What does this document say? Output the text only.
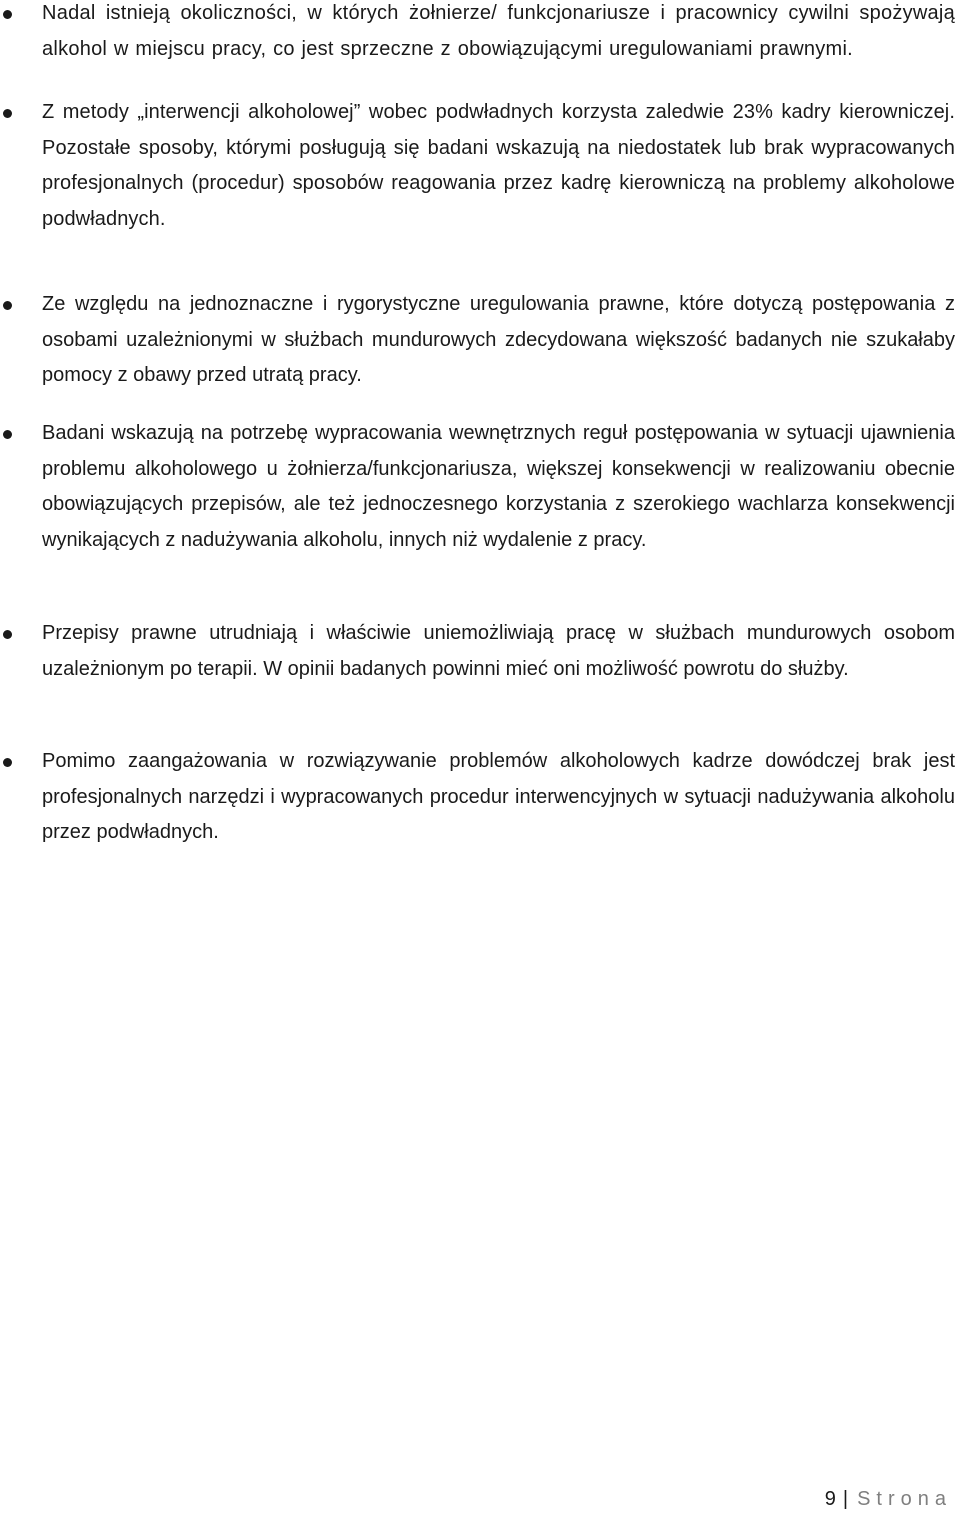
Nadal istnieją okoliczności, w których żołnierze/ funkcjonariusze i pracownicy cywilni spożywają alkohol w miejscu pracy, co jest sprzeczne z obowiązującymi uregulowaniami prawnymi.
Z metody „interwencji alkoholowej” wobec podwładnych korzysta zaledwie 23% kadry kierowniczej. Pozostałe sposoby, którymi posługują się badani wskazują na niedostatek lub brak wypracowanych profesjonalnych (procedur) sposobów reagowania przez kadrę kierowniczą na problemy alkoholowe podwładnych.
Ze względu na jednoznaczne i rygorystyczne uregulowania prawne, które dotyczą postępowania z osobami uzależnionymi w służbach mundurowych zdecydowana większość badanych nie szukałaby pomocy z obawy przed utratą pracy.
Badani wskazują na potrzebę wypracowania wewnętrznych reguł postępowania w sytuacji ujawnienia problemu alkoholowego u żołnierza/funkcjonariusza, większej konsekwencji w realizowaniu obecnie obowiązujących przepisów, ale też jednoczesnego korzystania z szerokiego wachlarza konsekwencji wynikających z nadużywania alkoholu, innych niż wydalenie z pracy.
Przepisy prawne utrudniają i właściwie uniemożliwiają pracę w służbach mundurowych osobom uzależnionym po terapii. W opinii badanych powinni mieć oni możliwość powrotu do służby.
Pomimo zaangażowania w rozwiązywanie problemów alkoholowych kadrze dowódczej brak jest profesjonalnych narzędzi i wypracowanych procedur interwencyjnych w sytuacji nadużywania alkoholu przez podwładnych.
9 | Strona
